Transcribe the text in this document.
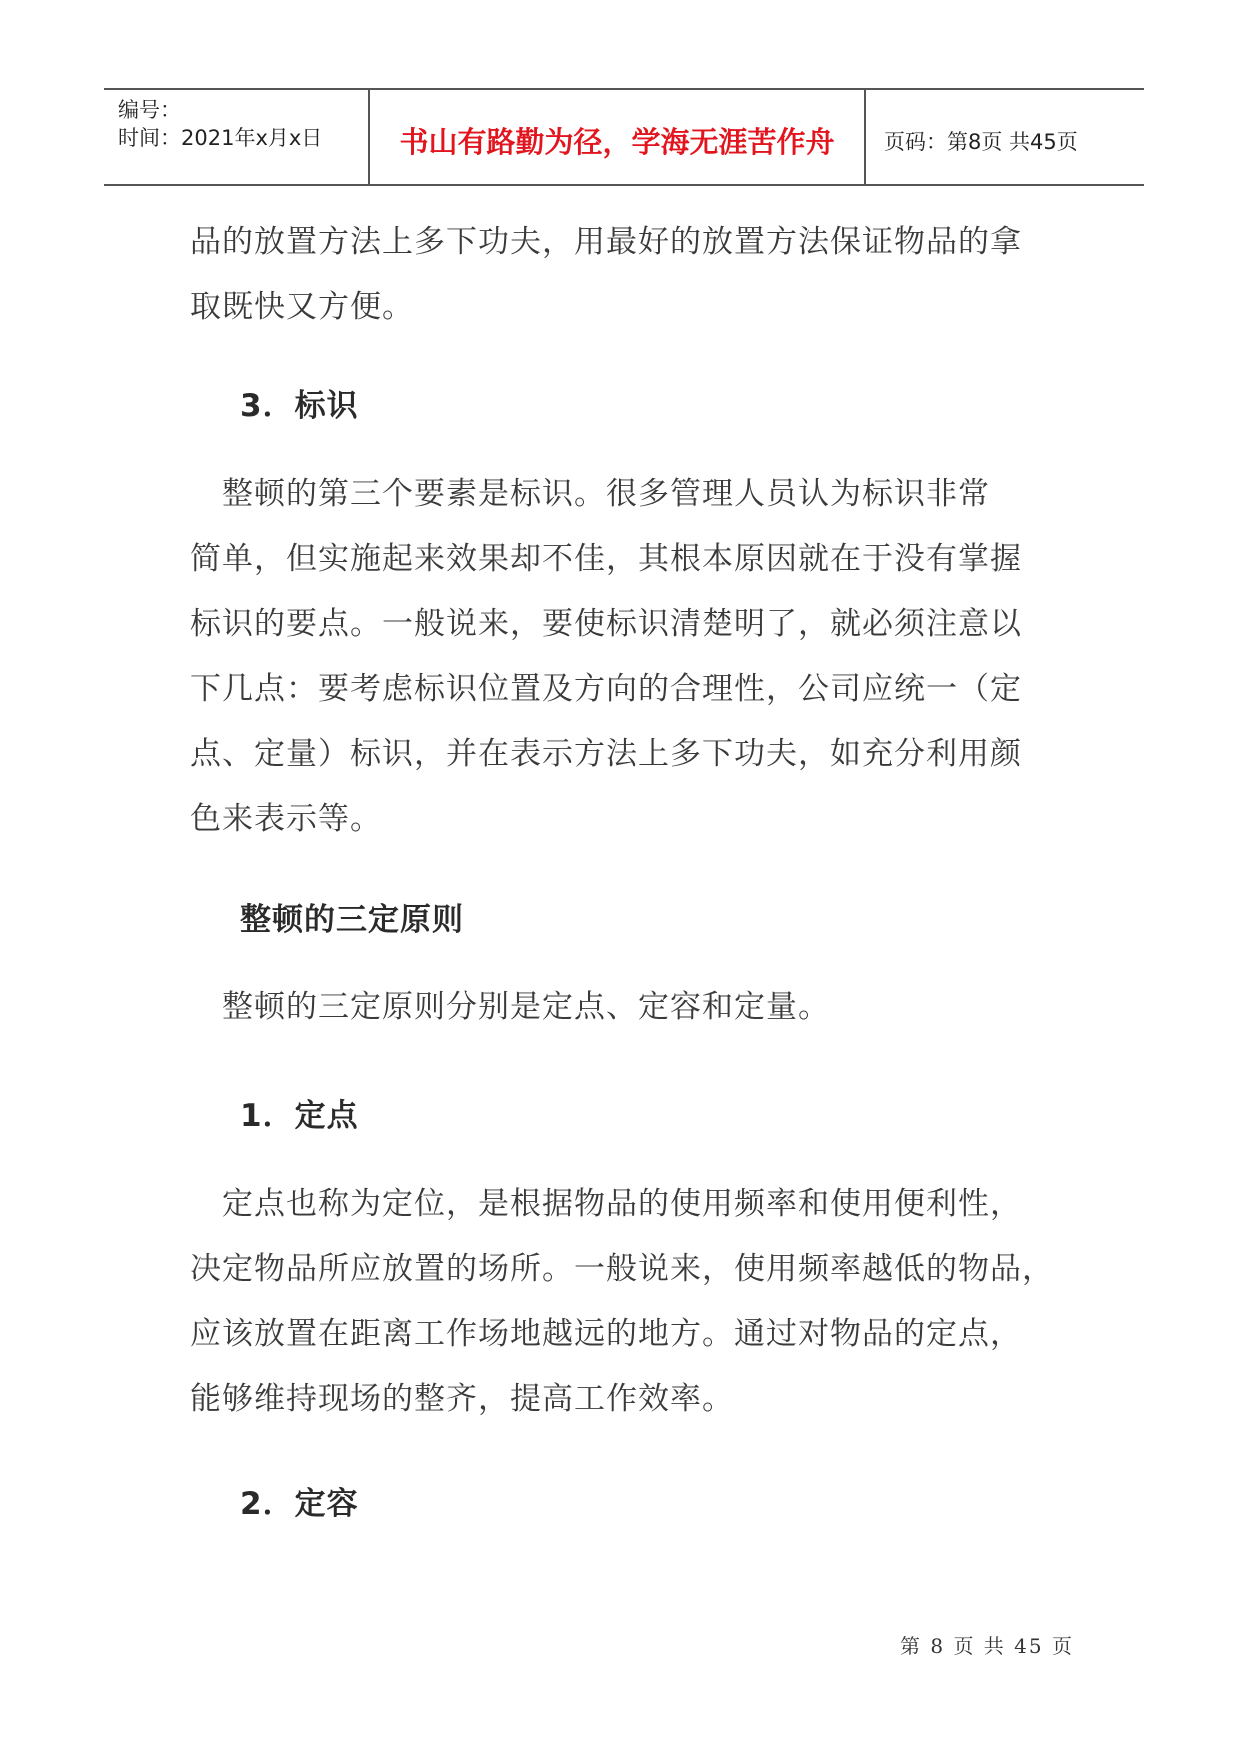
编号：
时间：2021年x月x日	书山有路勤为径，学海无涯苦作舟	页码：第8页 共45页
品的放置方法上多下功夫，用最好的放置方法保证物品的拿
取既快又方便。
3．标识
　整顿的第三个要素是标识。很多管理人员认为标识非常
简单，但实施起来效果却不佳，其根本原因就在于没有掌握
标识的要点。一般说来，要使标识清楚明了，就必须注意以
下几点：要考虑标识位置及方向的合理性，公司应统一（定
点、定量）标识，并在表示方法上多下功夫，如充分利用颜
色来表示等。
整顿的三定原则
　整顿的三定原则分别是定点、定容和定量。
1．定点
　定点也称为定位，是根据物品的使用频率和使用便利性，
决定物品所应放置的场所。一般说来，使用频率越低的物品，
应该放置在距离工作场地越远的地方。通过对物品的定点，
能够维持现场的整齐，提高工作效率。
2．定容
第 8 页 共 45 页
